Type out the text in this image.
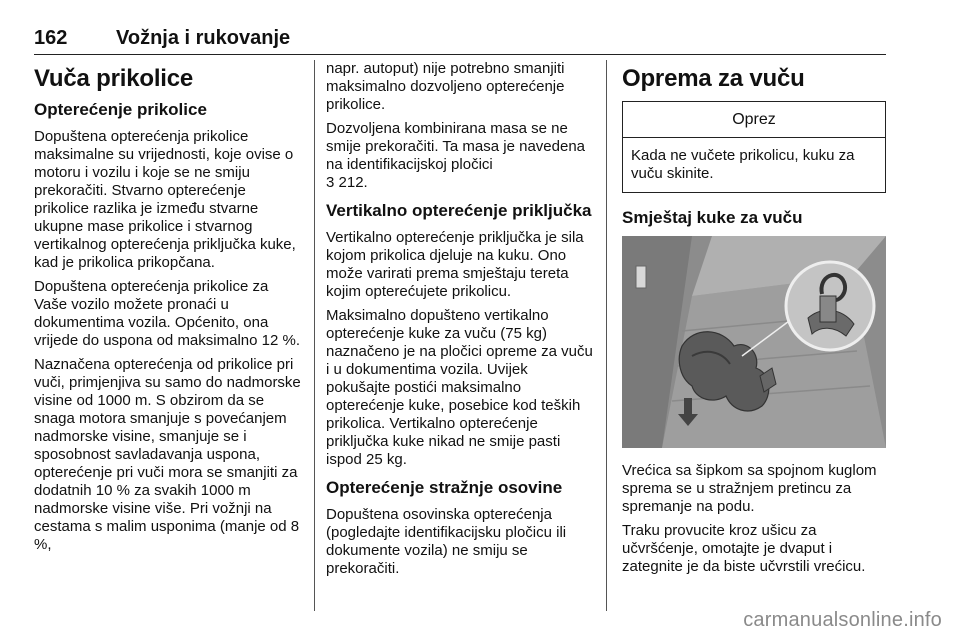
162 Vožnja i rukovanje
Vuča prikolice
Opterećenje prikolice

Dopuštena opterećenja prikolice maksimalne su vrijednosti, koje ovise o motoru i vozilu i koje se ne smiju prekoračiti. Stvarno opterećenje prikolice razlika je između stvarne ukupne mase prikolice i stvarnog vertikalnog opterećenja priključka kuke, kad je prikolica prikopčana.

Dopuštena opterećenja prikolice za Vaše vozilo možete pronaći u dokumentima vozila. Općenito, ona vrijede do uspona od maksimalno 12 %.

Naznačena opterećenja od prikolice pri vuči, primjenjiva su samo do nadmorske visine od 1000 m. S obzirom da se snaga motora smanjuje s povećanjem nadmorske visine, smanjuje se i sposobnost savladavanja uspona, opterećenje pri vuči mora se smanjiti za dodatnih 10 % za svakih 1000 m nadmorske visine više. Pri vožnji na cestama s malim usponima (manje od 8 %,

napr. autoput) nije potrebno smanjiti maksimalno dozvoljeno opterećenje prikolice.

Dozvoljena kombinirana masa se ne smije prekoračiti. Ta masa je navedena na identifikacijskoj pločici
3 212.

Vertikalno opterećenje priključka

Vertikalno opterećenje priključka je sila kojom prikolica djeluje na kuku. Ono može varirati prema smještaju tereta kojim opterećujete prikolicu.

Maksimalno dopušteno vertikalno opterećenje kuke za vuču (75 kg) naznačeno je na pločici opreme za vuču i u dokumentima vozila. Uvijek pokušajte postići maksimalno opterećenje kuke, posebice kod teških prikolica. Vertikalno opterećenje priključka kuke nikad ne smije pasti ispod 25 kg.

Opterećenje stražnje osovine

Dopuštena osovinska opterećenja (pogledajte identifikacijsku pločicu ili dokumente vozila) ne smiju se prekoračiti.

Oprema za vuču
Oprez
Kada ne vučete prikolicu, kuku za vuču skinite.
Smještaj kuke za vuču

Vrećica sa šipkom sa spojnom kuglom sprema se u stražnjem pretincu za spremanje na podu.

Traku provucite kroz ušicu za učvršćenje, omotajte je dvaput i zategnite je da biste učvrstili vrećicu.

carmanualsonline.info
